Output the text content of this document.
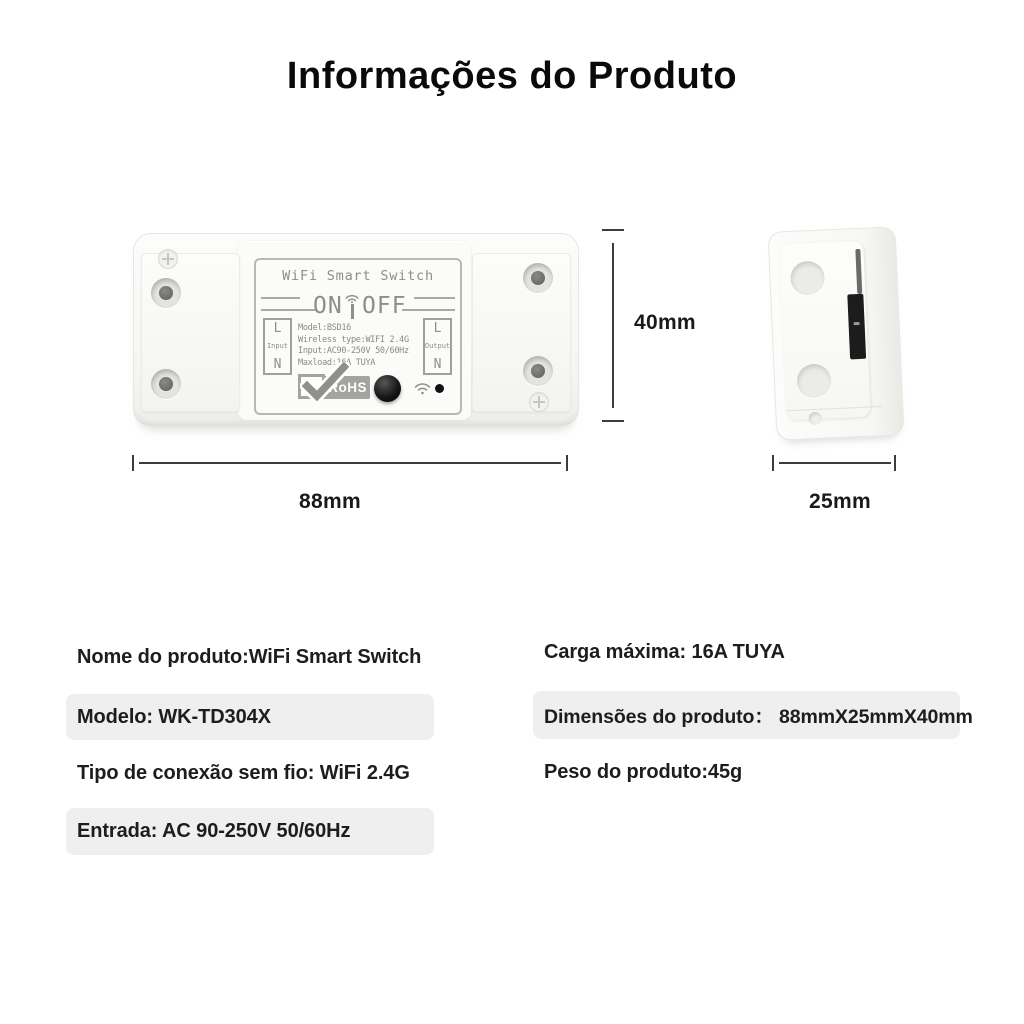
Informações do Produto
WiFi Smart Switch
ON OFF
L
Input
N
Model:BSD16
Wireless type:WIFI 2.4G
Input:AC90-250V 50/60Hz
Maxload:16A TUYA
L
Output
N
RoHS
40mm
88mm	25mm
Nome do produto:WiFi Smart Switch
Modelo: WK-TD304X
Tipo de conexão sem fio: WiFi 2.4G
Entrada: AC 90-250V 50/60Hz
Carga máxima: 16A TUYA
Dimensões do produto： 88mmX25mmX40mm
Peso do produto:45g
